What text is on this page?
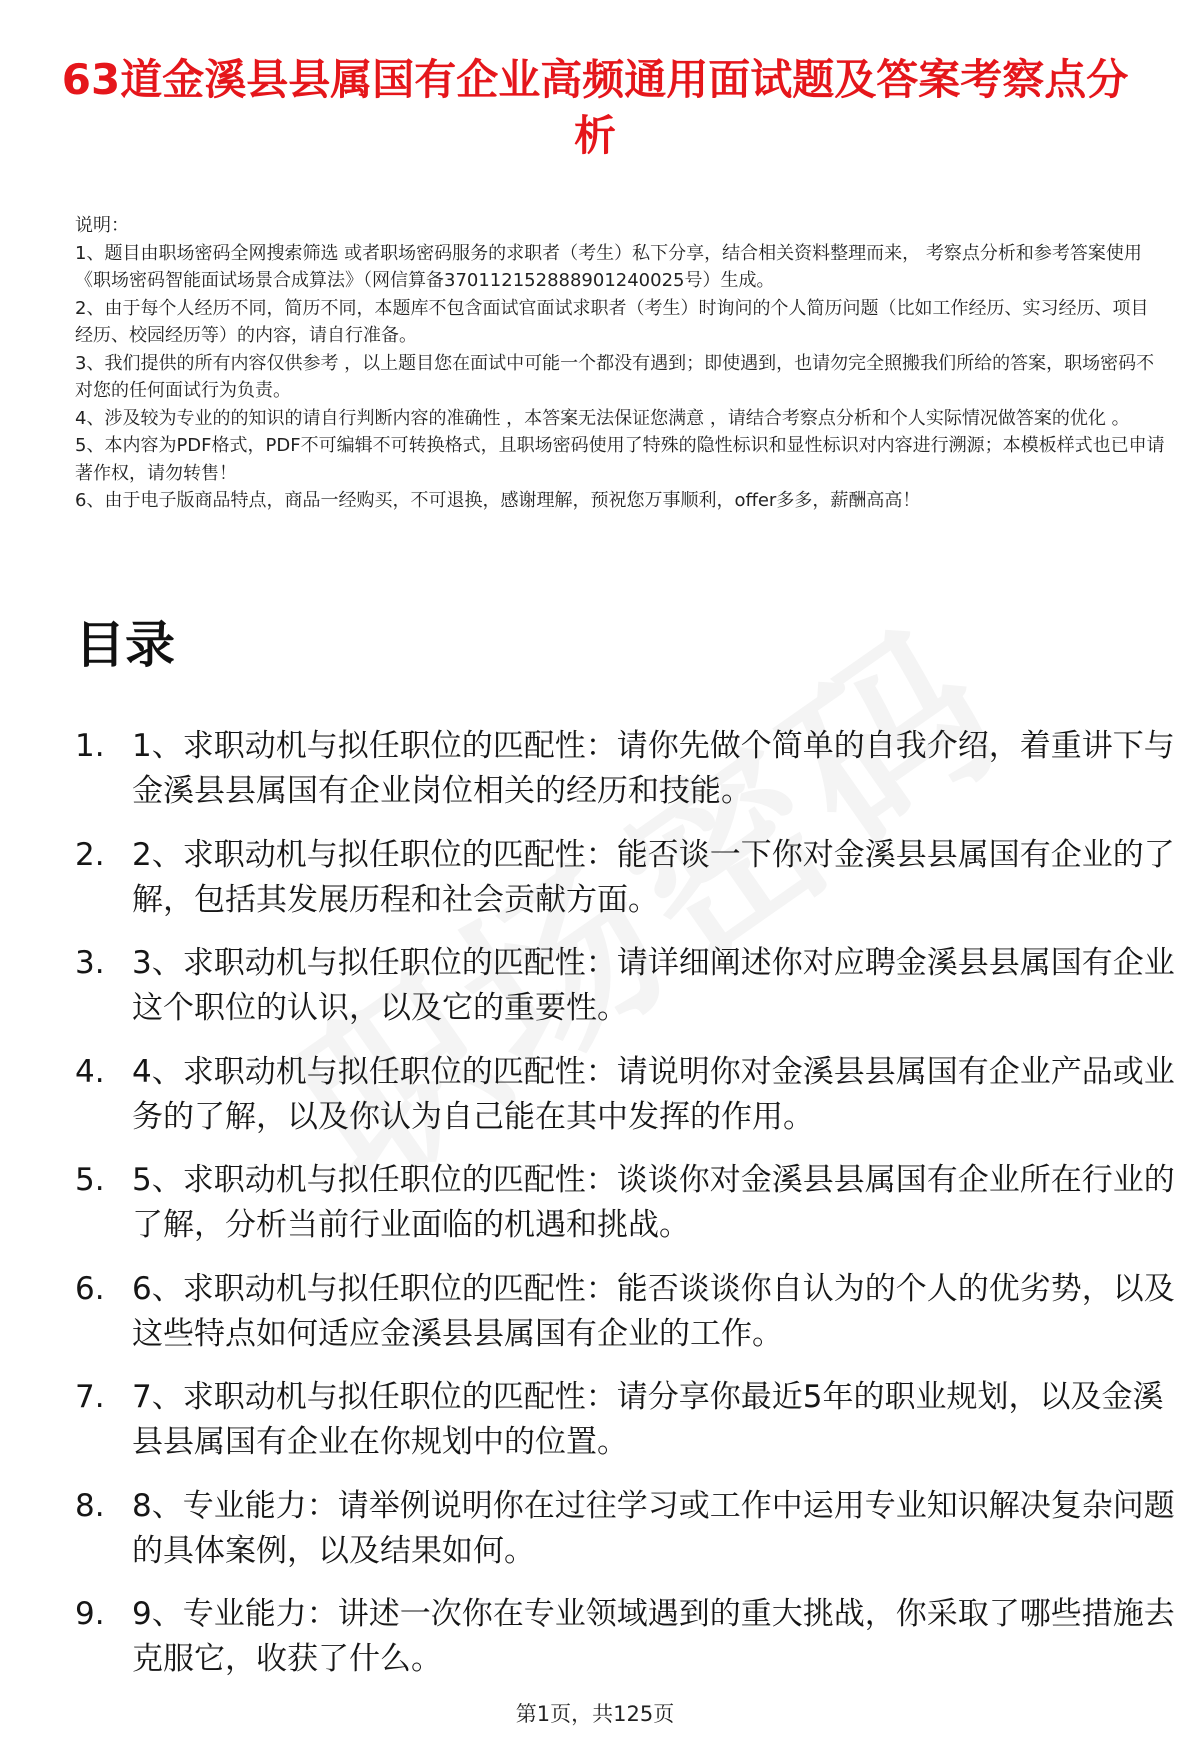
63道金溪县县属国有企业高频通用面试题及答案考察点分析
说明：
1、题目由职场密码全网搜索筛选 或者职场密码服务的求职者（考生）私下分享，结合相关资料整理而来， 考察点分析和参考答案使用《职场密码智能面试场景合成算法》（网信算备370112152888901240025号）生成。
2、由于每个人经历不同，简历不同，本题库不包含面试官面试求职者（考生）时询问的个人简历问题（比如工作经历、实习经历、项目经历、校园经历等）的内容，请自行准备。
3、我们提供的所有内容仅供参考 ，以上题目您在面试中可能一个都没有遇到；即使遇到，也请勿完全照搬我们所给的答案，职场密码不对您的任何面试行为负责。
4、涉及较为专业的的知识的请自行判断内容的准确性 ，本答案无法保证您满意 ，请结合考察点分析和个人实际情况做答案的优化 。
5、本内容为PDF格式，PDF不可编辑不可转换格式，且职场密码使用了特殊的隐性标识和显性标识对内容进行溯源；本模板样式也已申请著作权，请勿转售！
6、由于电子版商品特点，商品一经购买，不可退换，感谢理解，预祝您万事顺利，offer多多，薪酬高高！
目录
1. 1、求职动机与拟任职位的匹配性：请你先做个简单的自我介绍，着重讲下与金溪县县属国有企业岗位相关的经历和技能。
2. 2、求职动机与拟任职位的匹配性：能否谈一下你对金溪县县属国有企业的了解，包括其发展历程和社会贡献方面。
3. 3、求职动机与拟任职位的匹配性：请详细阐述你对应聘金溪县县属国有企业这个职位的认识，以及它的重要性。
4. 4、求职动机与拟任职位的匹配性：请说明你对金溪县县属国有企业产品或业务的了解，以及你认为自己能在其中发挥的作用。
5. 5、求职动机与拟任职位的匹配性：谈谈你对金溪县县属国有企业所在行业的了解，分析当前行业面临的机遇和挑战。
6. 6、求职动机与拟任职位的匹配性：能否谈谈你自认为的个人的优劣势，以及这些特点如何适应金溪县县属国有企业的工作。
7. 7、求职动机与拟任职位的匹配性：请分享你最近5年的职业规划，以及金溪县县属国有企业在你规划中的位置。
8. 8、专业能力：请举例说明你在过往学习或工作中运用专业知识解决复杂问题的具体案例，以及结果如何。
9. 9、专业能力：讲述一次你在专业领域遇到的重大挑战，你采取了哪些措施去克服它，收获了什么。
第1页，共125页
